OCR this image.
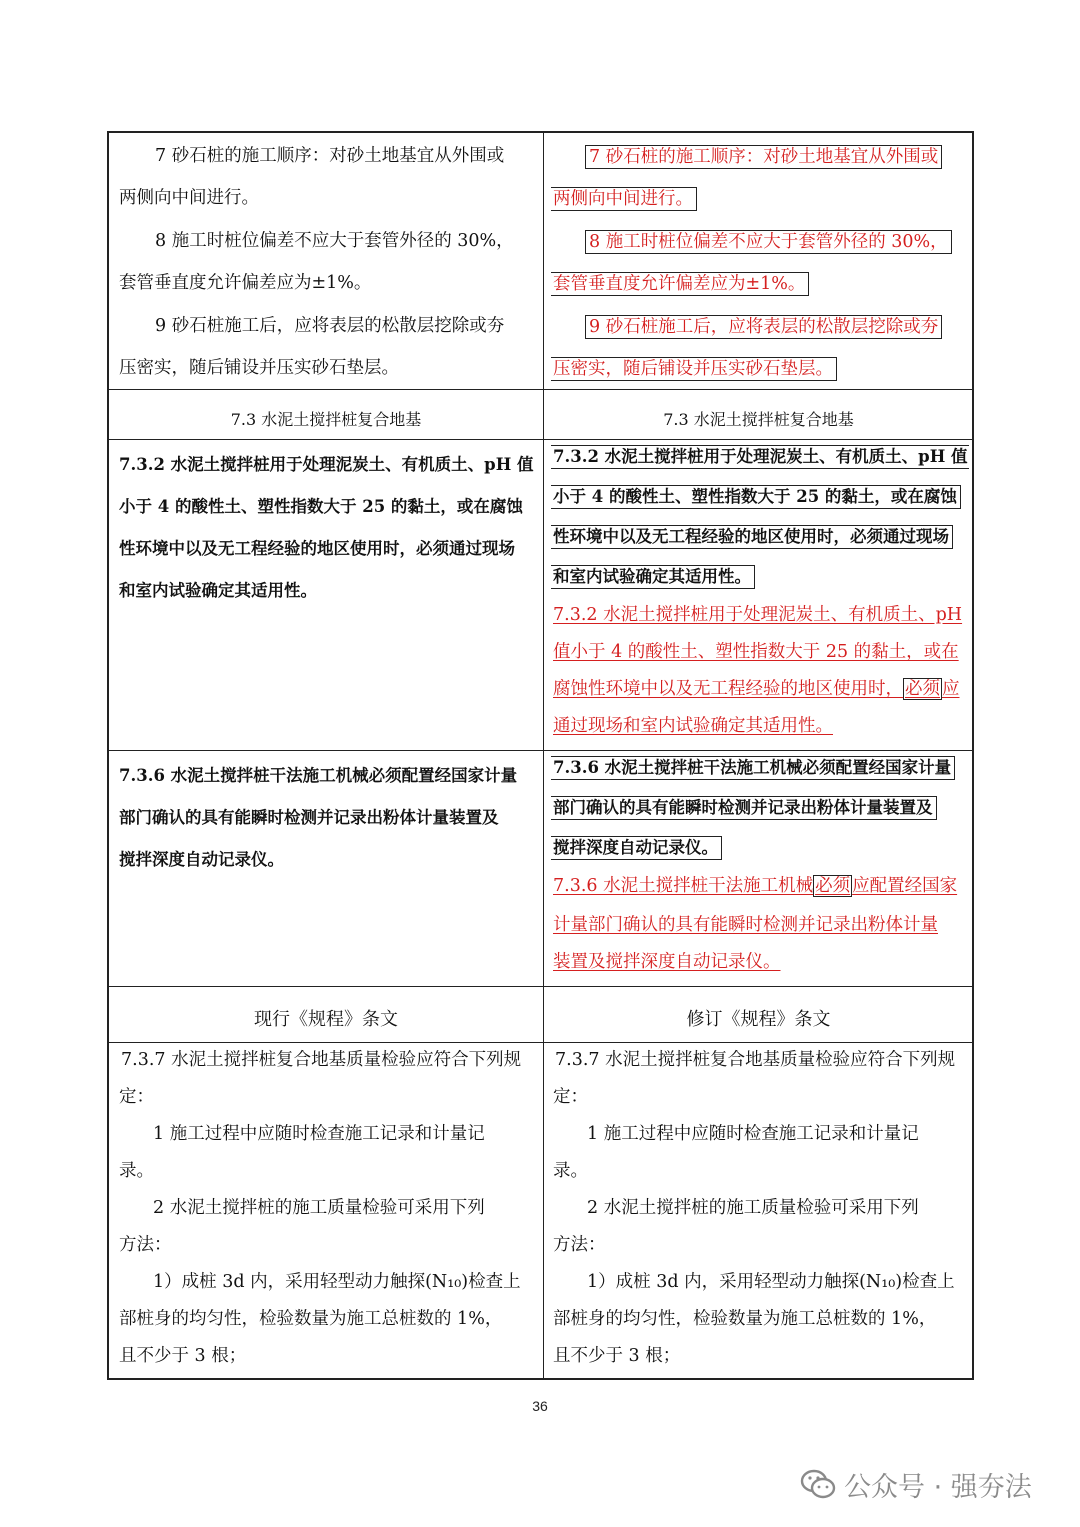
7 砂石桩的施工顺序：对砂土地基宜从外围或
两侧向中间进行。
8 施工时桩位偏差不应大于套管外径的 30%，
套管垂直度允许偏差应为±1%。
9 砂石桩施工后，应将表层的松散层挖除或夯
压密实，随后铺设并压实砂石垫层。
7 砂石桩的施工顺序：对砂土地基宜从外围或
两侧向中间进行。
8 施工时桩位偏差不应大于套管外径的 30%，
套管垂直度允许偏差应为±1%。
9 砂石桩施工后，应将表层的松散层挖除或夯
压密实，随后铺设并压实砂石垫层。
7.3 水泥土搅拌桩复合地基	7.3 水泥土搅拌桩复合地基
7.3.2 水泥土搅拌桩用于处理泥炭土、有机质土、pH 值
小于 4 的酸性土、塑性指数大于 25 的黏土，或在腐蚀
性环境中以及无工程经验的地区使用时，必须通过现场
和室内试验确定其适用性。
7.3.2 水泥土搅拌桩用于处理泥炭土、有机质土、pH 值
小于 4 的酸性土、塑性指数大于 25 的黏土，或在腐蚀
性环境中以及无工程经验的地区使用时，必须通过现场
和室内试验确定其适用性。
7.3.2 水泥土搅拌桩用于处理泥炭土、有机质土、pH
值小于 4 的酸性土、塑性指数大于 25 的黏土，或在
腐蚀性环境中以及无工程经验的地区使用时， 必须 应
通过现场和室内试验确定其适用性。
7.3.6 水泥土搅拌桩干法施工机械必须配置经国家计量
部门确认的具有能瞬时检测并记录出粉体计量装置及
搅拌深度自动记录仪。
7.3.6 水泥土搅拌桩干法施工机械必须配置经国家计量
部门确认的具有能瞬时检测并记录出粉体计量装置及
搅拌深度自动记录仪。
7.3.6 水泥土搅拌桩干法施工机械 必须 应配置经国家
计量部门确认的具有能瞬时检测并记录出粉体计量
装置及搅拌深度自动记录仪。
现行《规程》条文	修订《规程》条文
7.3.7 水泥土搅拌桩复合地基质量检验应符合下列规
定：
1 施工过程中应随时检查施工记录和计量记
录。
2 水泥土搅拌桩的施工质量检验可采用下列
方法：
1）成桩 3d 内，采用轻型动力触探(N₁₀)检查上
部桩身的均匀性，检验数量为施工总桩数的 1%，
且不少于 3 根；
7.3.7 水泥土搅拌桩复合地基质量检验应符合下列规
定：
1 施工过程中应随时检查施工记录和计量记
录。
2 水泥土搅拌桩的施工质量检验可采用下列
方法：
1）成桩 3d 内，采用轻型动力触探(N₁₀)检查上
部桩身的均匀性，检验数量为施工总桩数的 1%，
且不少于 3 根；
36
公众号 · 强夯法
